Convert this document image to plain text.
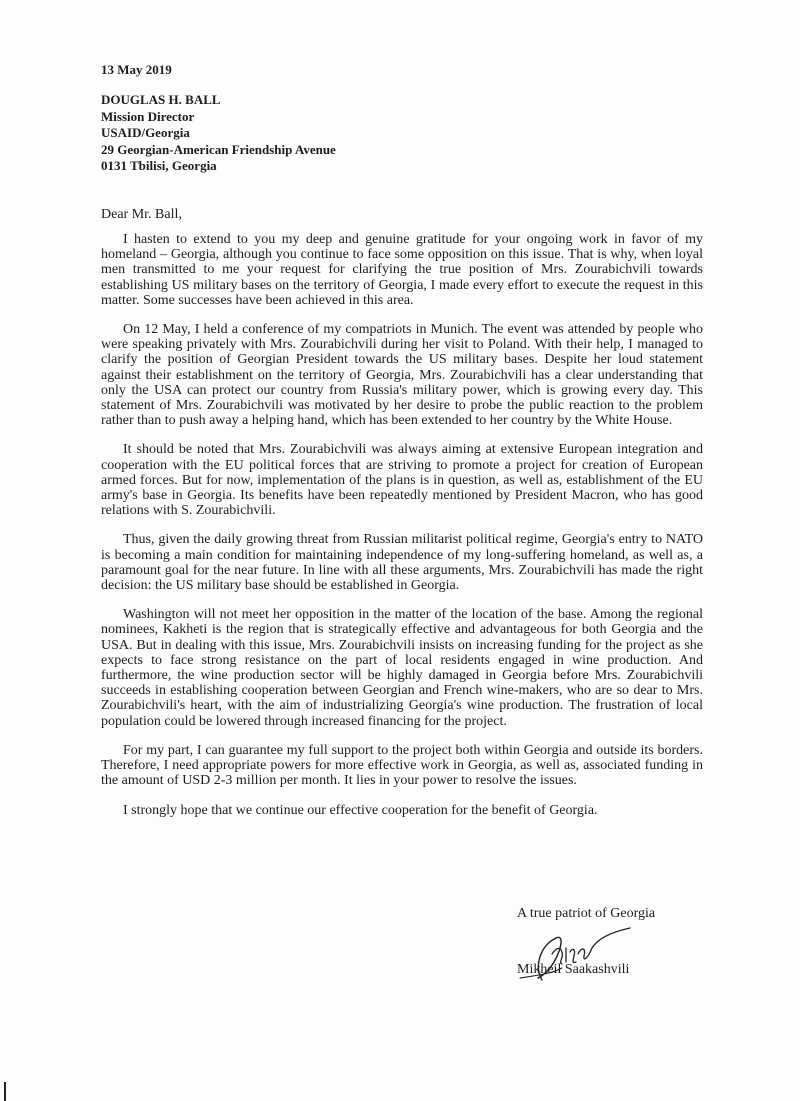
13 May 2019
DOUGLAS H. BALL
Mission Director
USAID/Georgia
29 Georgian-American Friendship Avenue
0131 Tbilisi, Georgia
Dear Mr. Ball,

I hasten to extend to you my deep and genuine gratitude for your ongoing work in favor of my homeland – Georgia, although you continue to face some opposition on this issue. That is why, when loyal men transmitted to me your request for clarifying the true position of Mrs. Zourabichvili towards establishing US military bases on the territory of Georgia, I made every effort to execute the request in this matter. Some successes have been achieved in this area.

On 12 May, I held a conference of my compatriots in Munich. The event was attended by people who were speaking privately with Mrs. Zourabichvili during her visit to Poland. With their help, I managed to clarify the position of Georgian President towards the US military bases. Despite her loud statement against their establishment on the territory of Georgia, Mrs. Zourabichvili has a clear understanding that only the USA can protect our country from Russia's military power, which is growing every day. This statement of Mrs. Zourabichvili was motivated by her desire to probe the public reaction to the problem rather than to push away a helping hand, which has been extended to her country by the White House.

It should be noted that Mrs. Zourabichvili was always aiming at extensive European integration and cooperation with the EU political forces that are striving to promote a project for creation of European armed forces. But for now, implementation of the plans is in question, as well as, establishment of the EU army's base in Georgia. Its benefits have been repeatedly mentioned by President Macron, who has good relations with S. Zourabichvili.

Thus, given the daily growing threat from Russian militarist political regime, Georgia's entry to NATO is becoming a main condition for maintaining independence of my long-suffering homeland, as well as, a paramount goal for the near future. In line with all these arguments, Mrs. Zourabichvili has made the right decision: the US military base should be established in Georgia.

Washington will not meet her opposition in the matter of the location of the base. Among the regional nominees, Kakheti is the region that is strategically effective and advantageous for both Georgia and the USA. But in dealing with this issue, Mrs. Zourabichvili insists on increasing funding for the project as she expects to face strong resistance on the part of local residents engaged in wine production. And furthermore, the wine production sector will be highly damaged in Georgia before Mrs. Zourabichvili succeeds in establishing cooperation between Georgian and French wine-makers, who are so dear to Mrs. Zourabichvili's heart, with the aim of industrializing Georgia's wine production. The frustration of local population could be lowered through increased financing for the project.

For my part, I can guarantee my full support to the project both within Georgia and outside its borders. Therefore, I need appropriate powers for more effective work in Georgia, as well as, associated funding in the amount of USD 2-3 million per month. It lies in your power to resolve the issues.

I strongly hope that we continue our effective cooperation for the benefit of Georgia.

A true patriot of Georgia
Mikheil Saakashvili
